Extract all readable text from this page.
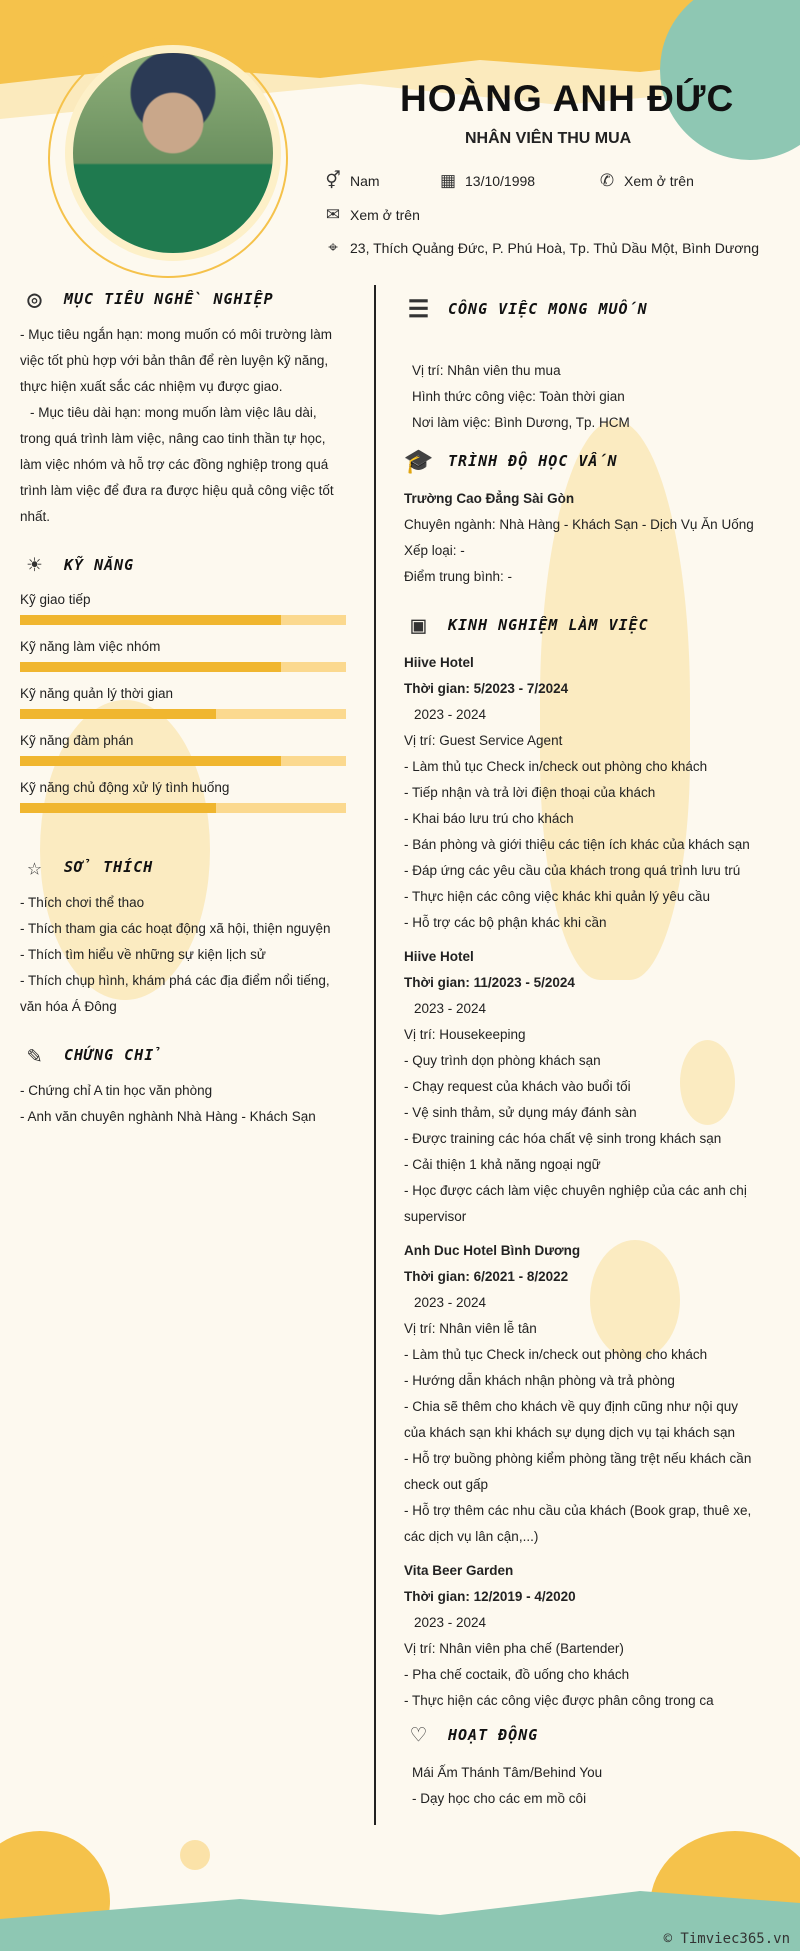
HOÀNG ANH ĐỨC
NHÂN VIÊN THU MUA
⚥ Nam	▦ 13/10/1998	✆ Xem ở trên
✉ Xem ở trên
⌖ 23, Thích Quảng Đức, P. Phú Hoà, Tp. Thủ Dầu Một, Bình Dương
◎	MỤC TIÊU NGHỀ NGHIỆP
- Mục tiêu ngắn hạn: mong muốn có môi trường làm
việc tốt phù hợp với bản thân để rèn luyện kỹ năng,
thực hiện xuất sắc các nhiệm vụ được giao.
- Mục tiêu dài hạn: mong muốn làm việc lâu dài,
trong quá trình làm việc, nâng cao tinh thần tự học,
làm việc nhóm và hỗ trợ các đồng nghiệp trong quá
trình làm việc để đưa ra được hiệu quả công việc tốt
nhất.
☀	KỸ NĂNG
Kỹ giao tiếp
Kỹ năng làm việc nhóm
Kỹ năng quản lý thời gian
Kỹ năng đàm phán
Kỹ năng chủ động xử lý tình huống
☆	SỞ THÍCH
- Thích chơi thể thao
- Thích tham gia các hoạt động xã hội, thiện nguyện
- Thích tìm hiểu về những sự kiện lịch sử
- Thích chụp hình, khám phá các địa điểm nổi tiếng,
văn hóa Á Đông
✎	CHỨNG CHỈ
- Chứng chỉ A tin học văn phòng
- Anh văn chuyên nghành Nhà Hàng - Khách Sạn
☰ CÔNG VIỆC MONG MUỐN
Vị trí: Nhân viên thu mua
Hình thức công việc: Toàn thời gian
Nơi làm việc: Bình Dương, Tp. HCM
🎓 TRÌNH ĐỘ HỌC VẤN
Trường Cao Đẳng Sài Gòn
Chuyên ngành: Nhà Hàng - Khách Sạn - Dịch Vụ Ăn Uống
Xếp loại: -
Điểm trung bình: -
▣	KINH NGHIỆM LÀM VIỆC
Hiive Hotel
Thời gian: 5/2023 - 7/2024
2023 - 2024
Vị trí: Guest Service Agent
- Làm thủ tục Check in/check out phòng cho khách
- Tiếp nhận và trả lời điện thoại của khách
- Khai báo lưu trú cho khách
- Bán phòng và giới thiệu các tiện ích khác của khách sạn
- Đáp ứng các yêu cầu của khách trong quá trình lưu trú
- Thực hiện các công việc khác khi quản lý yêu cầu
- Hỗ trợ các bộ phận khác khi cần
Hiive Hotel
Thời gian: 11/2023 - 5/2024
2023 - 2024
Vị trí: Housekeeping
- Quy trình dọn phòng khách sạn
- Chạy request của khách vào buổi tối
- Vệ sinh thảm, sử dụng máy đánh sàn
- Được training các hóa chất vệ sinh trong khách sạn
- Cải thiện 1 khả năng ngoại ngữ
- Học được cách làm việc chuyên nghiệp của các anh chị
supervisor
Anh Duc Hotel Bình Dương
Thời gian: 6/2021 - 8/2022
2023 - 2024
Vị trí: Nhân viên lễ tân
- Làm thủ tục Check in/check out phòng cho khách
- Hướng dẫn khách nhận phòng và trả phòng
- Chia sẽ thêm cho khách về quy định cũng như nội quy
của khách sạn khi khách sự dụng dịch vụ tại khách sạn
- Hỗ trợ buồng phòng kiểm phòng tầng trệt nếu khách cần
check out gấp
- Hỗ trợ thêm các nhu cầu của khách (Book grap, thuê xe,
các dịch vụ lân cận,...)
Vita Beer Garden
Thời gian: 12/2019 - 4/2020
2023 - 2024
Vị trí: Nhân viên pha chế (Bartender)
- Pha chế coctaik, đồ uống cho khách
- Thực hiện các công việc được phân công trong ca
♡	HOẠT ĐỘNG
Mái Ấm Thánh Tâm/Behind You
- Dạy học cho các em mồ côi
© Timviec365.vn
